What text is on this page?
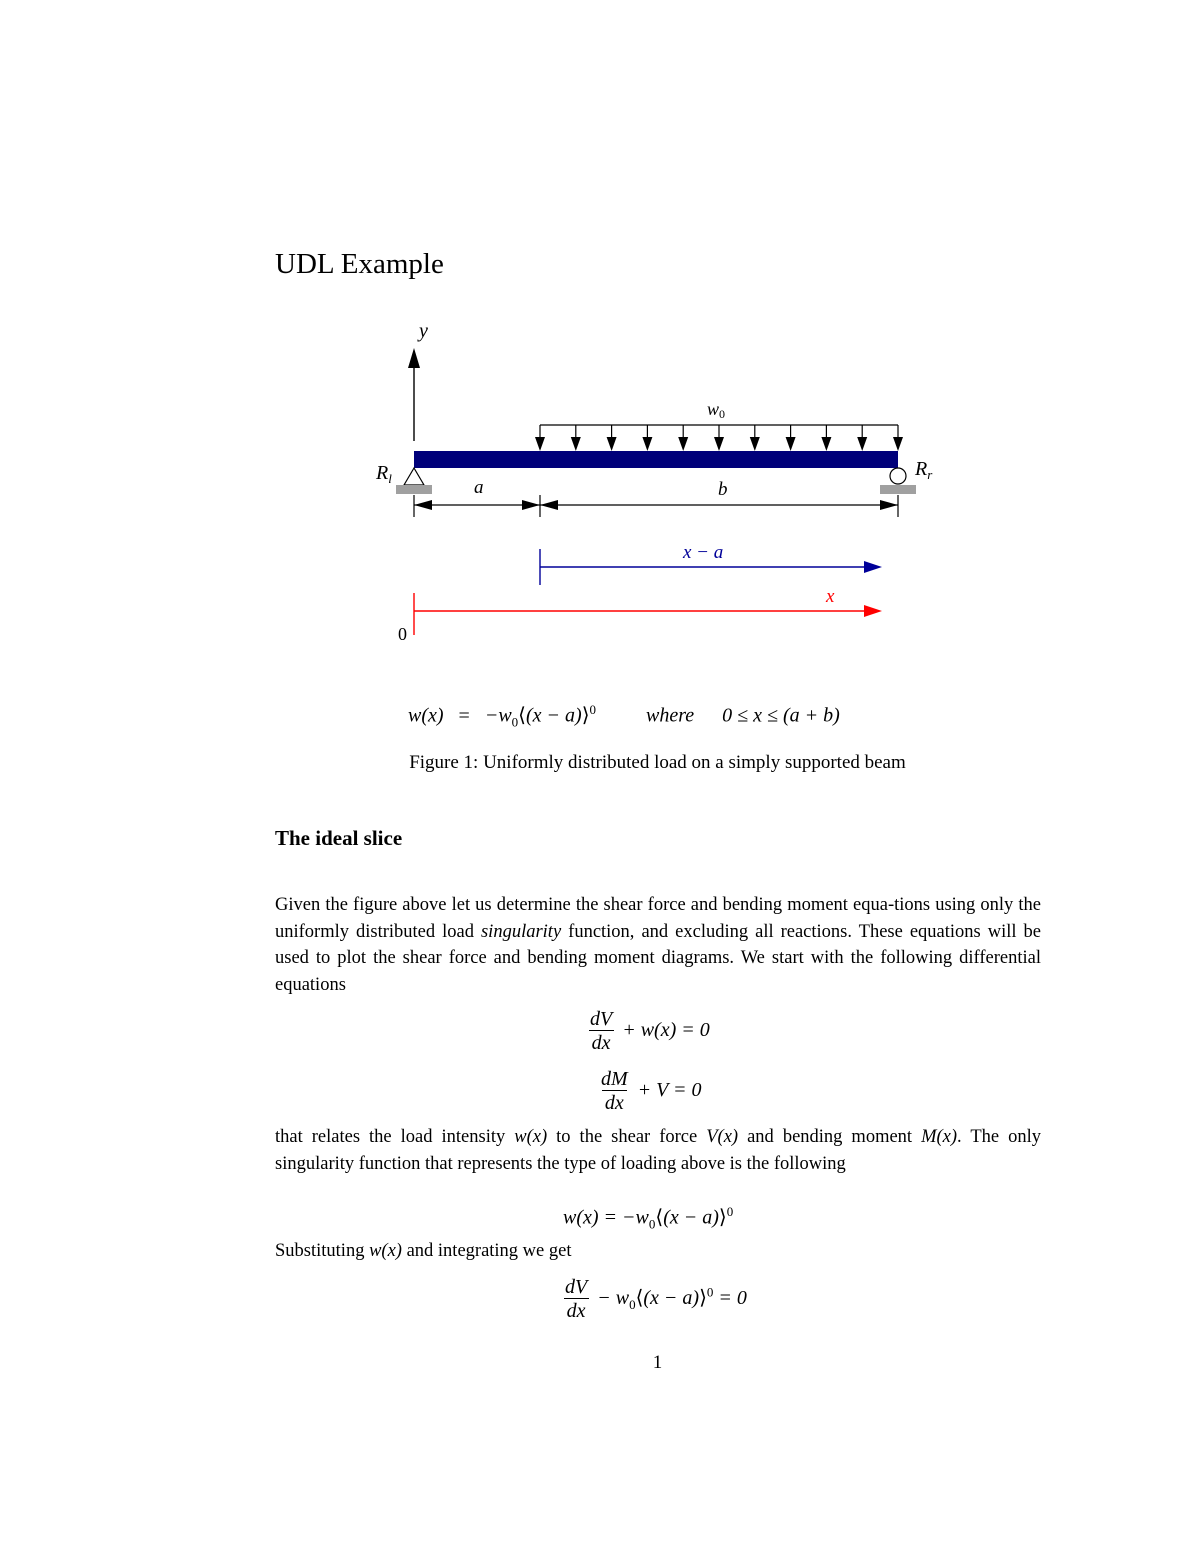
UDL Example
y
w0
$R_l$	$R_r$
a	b
x − a
x
0
$w(x) = -w_0⟨(x$ − a)⟩$^0$	where 0 ≤ x ≤ (a + b)
Figure 1: Uniformly distributed load on a simply supported beam
The ideal slice

Given the figure above let us determine the shear force and bending moment equa-tions using only the uniformly distributed load singularity function, and excluding all reactions. These equations will be used to plot the shear force and bending moment diagrams. We start with the following differential equations

$\frac{dV}{dx} + w(x) = 0$
$\frac{dM}{dx} + V = 0$

that relates the load intensity w(x) to the shear force V(x) and bending moment M(x). The only singularity function that represents the type of loading above is the following

$w(x) = -w_0⟨(x$ − a)⟩$^0$

Substituting w(x) and integrating we get

$\frac{dV}{dx}$ − $w_0⟨(x$ − a)⟩$^0$ = 0
1
